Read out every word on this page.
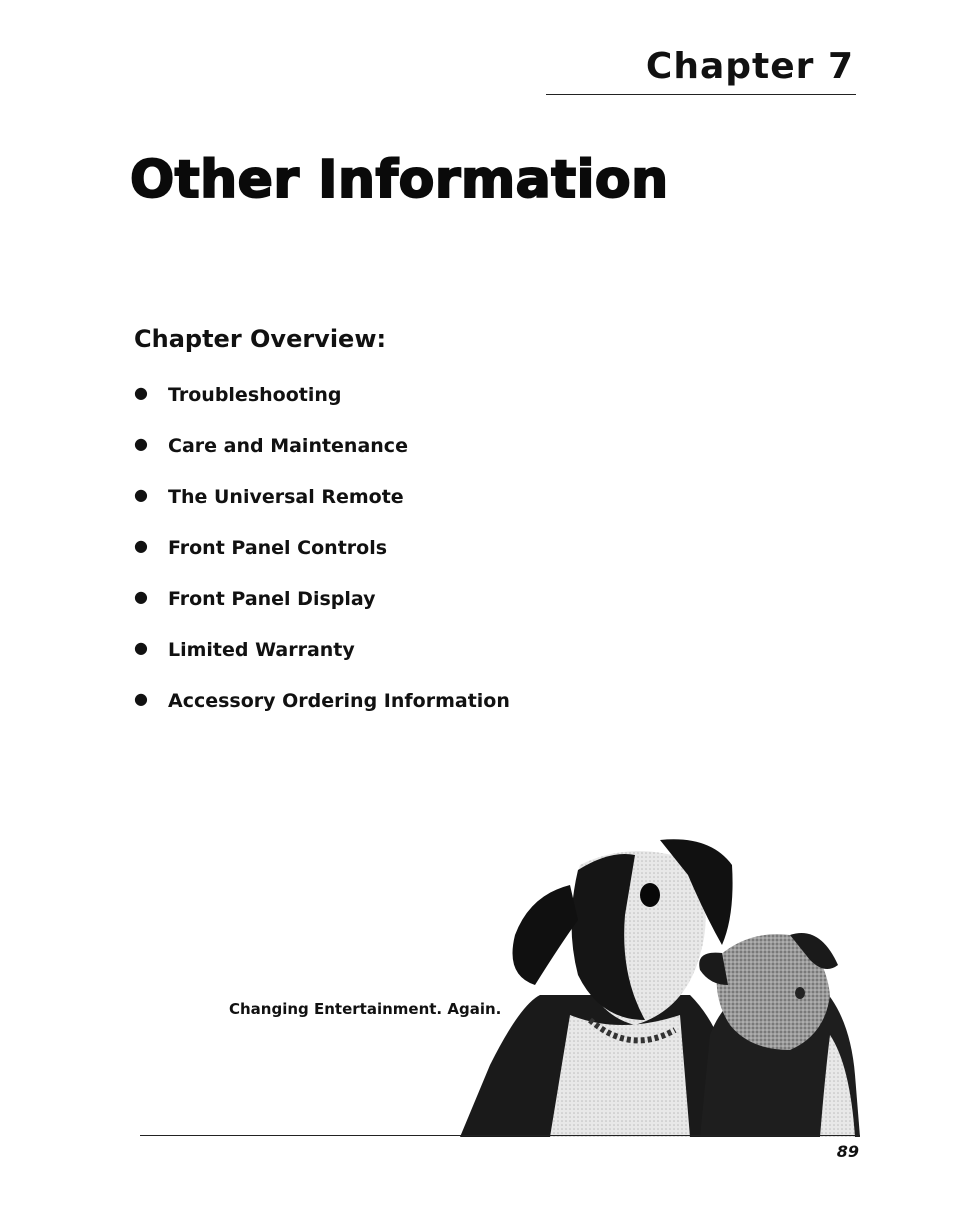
Chapter 7
Other Information
Chapter Overview:
●	Troubleshooting
●	Care and Maintenance
●	The Universal Remote
●	Front Panel Controls
●	Front Panel Display
●	Limited Warranty
●	Accessory Ordering Information
Changing Entertainment. Again.
89
